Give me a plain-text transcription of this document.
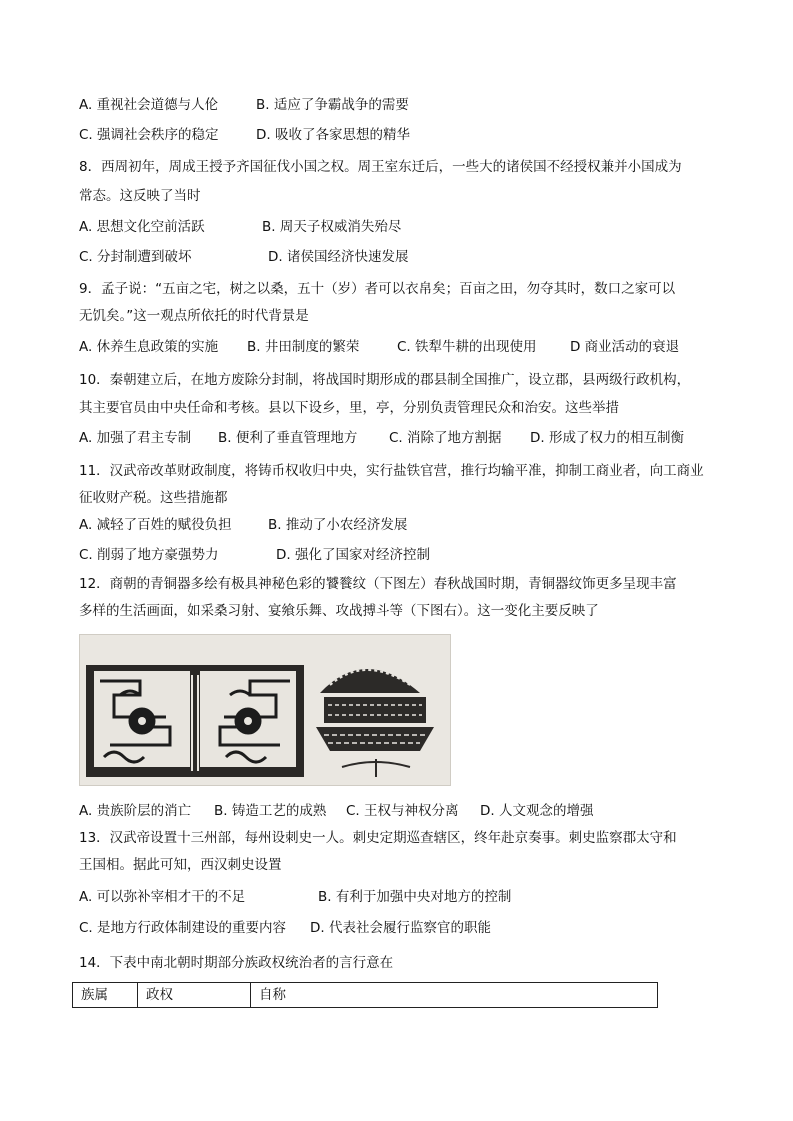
A. 重视社会道德与人伦	B. 适应了争霸战争的需要
C. 强调社会秩序的稳定	D. 吸收了各家思想的精华
8．西周初年，周成王授予齐国征伐小国之权。周王室东迁后，一些大的诸侯国不经授权兼并小国成为
常态。这反映了当时
A. 思想文化空前活跃	B. 周天子权威消失殆尽
C. 分封制遭到破坏	D. 诸侯国经济快速发展
9．孟子说：“五亩之宅，树之以桑，五十（岁）者可以衣帛矣；百亩之田，勿夺其时，数口之家可以
无饥矣。”这一观点所依托的时代背景是
A. 休养生息政策的实施 B. 井田制度的繁荣	C. 铁犁牛耕的出现使用 D 商业活动的衰退
10．秦朝建立后，在地方废除分封制，将战国时期形成的郡县制全国推广，设立郡，县两级行政机构，
其主要官员由中央任命和考核。县以下设乡，里，亭，分别负责管理民众和治安。这些举措
A. 加强了君主专制 B. 便利了垂直管理地方 C. 消除了地方割据 D. 形成了权力的相互制衡
11．汉武帝改革财政制度，将铸币权收归中央，实行盐铁官营，推行均输平准，抑制工商业者，向工商业
征收财产税。这些措施都
A. 减轻了百姓的赋役负担	B. 推动了小农经济发展
C. 削弱了地方豪强势力	D. 强化了国家对经济控制
12．商朝的青铜器多绘有极具神秘色彩的饕餮纹（下图左）春秋战国时期，青铜器纹饰更多呈现丰富
多样的生活画面，如采桑习射、宴飨乐舞、攻战搏斗等（下图右）。这一变化主要反映了
A. 贵族阶层的消亡 B. 铸造工艺的成熟 C. 王权与神权分离 D. 人文观念的增强
13．汉武帝设置十三州部，每州设刺史一人。刺史定期巡查辖区，终年赴京奏事。刺史监察郡太守和
王国相。据此可知，西汉刺史设置
A. 可以弥补宰相才干的不足	B. 有利于加强中央对地方的控制
C. 是地方行政体制建设的重要内容 D. 代表社会履行监察官的职能
14．下表中南北朝时期部分族政权统治者的言行意在
族属	政权	自称
